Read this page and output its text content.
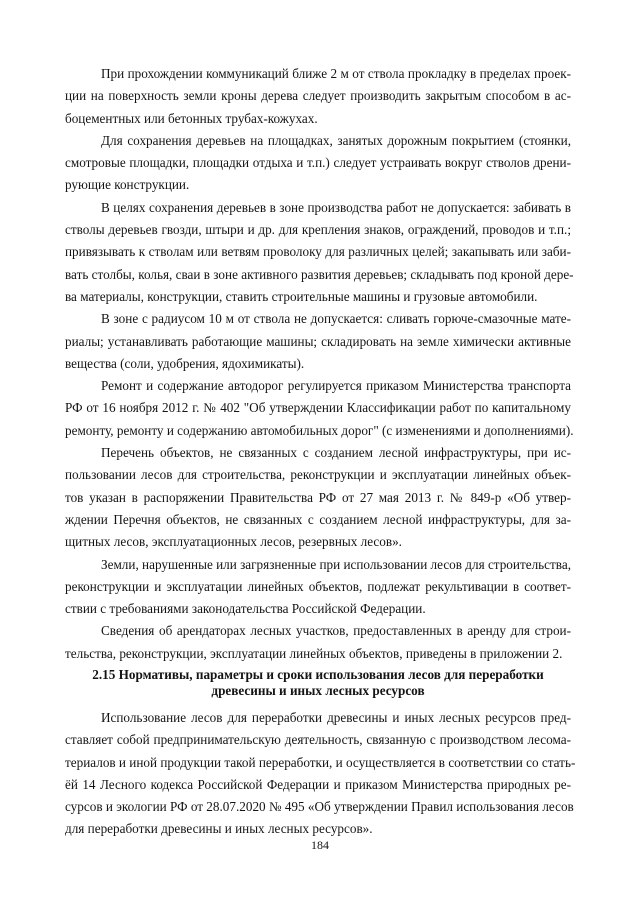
При прохождении коммуникаций ближе 2 м от ствола прокладку в пределах проек-
ции на поверхность земли кроны дерева следует производить закрытым способом в ас-
боцементных или бетонных трубах-кожухах.
Для сохранения деревьев на площадках, занятых дорожным покрытием (стоянки,
смотровые площадки, площадки отдыха и т.п.) следует устраивать вокруг стволов дрени-
рующие конструкции.
В целях сохранения деревьев в зоне производства работ не допускается: забивать в
стволы деревьев гвозди, штыри и др. для крепления знаков, ограждений, проводов и т.п.;
привязывать к стволам или ветвям проволоку для различных целей; закапывать или заби-
вать столбы, колья, сваи в зоне активного развития деревьев; складывать под кроной дере-
ва материалы, конструкции, ставить строительные машины и грузовые автомобили.
В зоне с радиусом 10 м от ствола не допускается: сливать горюче-смазочные мате-
риалы; устанавливать работающие машины; складировать на земле химически активные
вещества (соли, удобрения, ядохимикаты).
Ремонт и содержание автодорог регулируется приказом Министерства транспорта
РФ от 16 ноября 2012 г. № 402 "Об утверждении Классификации работ по капитальному
ремонту, ремонту и содержанию автомобильных дорог" (с изменениями и дополнениями).
Перечень объектов, не связанных с созданием лесной инфраструктуры, при ис-
пользовании лесов для строительства, реконструкции и эксплуатации линейных объек-
тов указан в распоряжении Правительства РФ от 27 мая 2013 г. № 849-р «Об утвер-
ждении Перечня объектов, не связанных с созданием лесной инфраструктуры, для за-
щитных лесов, эксплуатационных лесов, резервных лесов».
Земли, нарушенные или загрязненные при использовании лесов для строительства,
реконструкции и эксплуатации линейных объектов, подлежат рекультивации в соответ-
ствии с требованиями законодательства Российской Федерации.
Сведения об арендаторах лесных участков, предоставленных в аренду для строи-
тельства, реконструкции, эксплуатации линейных объектов, приведены в приложении 2.
2.15 Нормативы, параметры и сроки использования лесов для переработки
древесины и иных лесных ресурсов
Использование лесов для переработки древесины и иных лесных ресурсов пред-
ставляет собой предпринимательскую деятельность, связанную с производством лесома-
териалов и иной продукции такой переработки, и осуществляется в соответствии со стать-
ёй 14 Лесного кодекса Российской Федерации и приказом Министерства природных ре-
сурсов и экологии РФ от 28.07.2020 № 495 «Об утверждении Правил использования лесов
для переработки древесины и иных лесных ресурсов».
184
